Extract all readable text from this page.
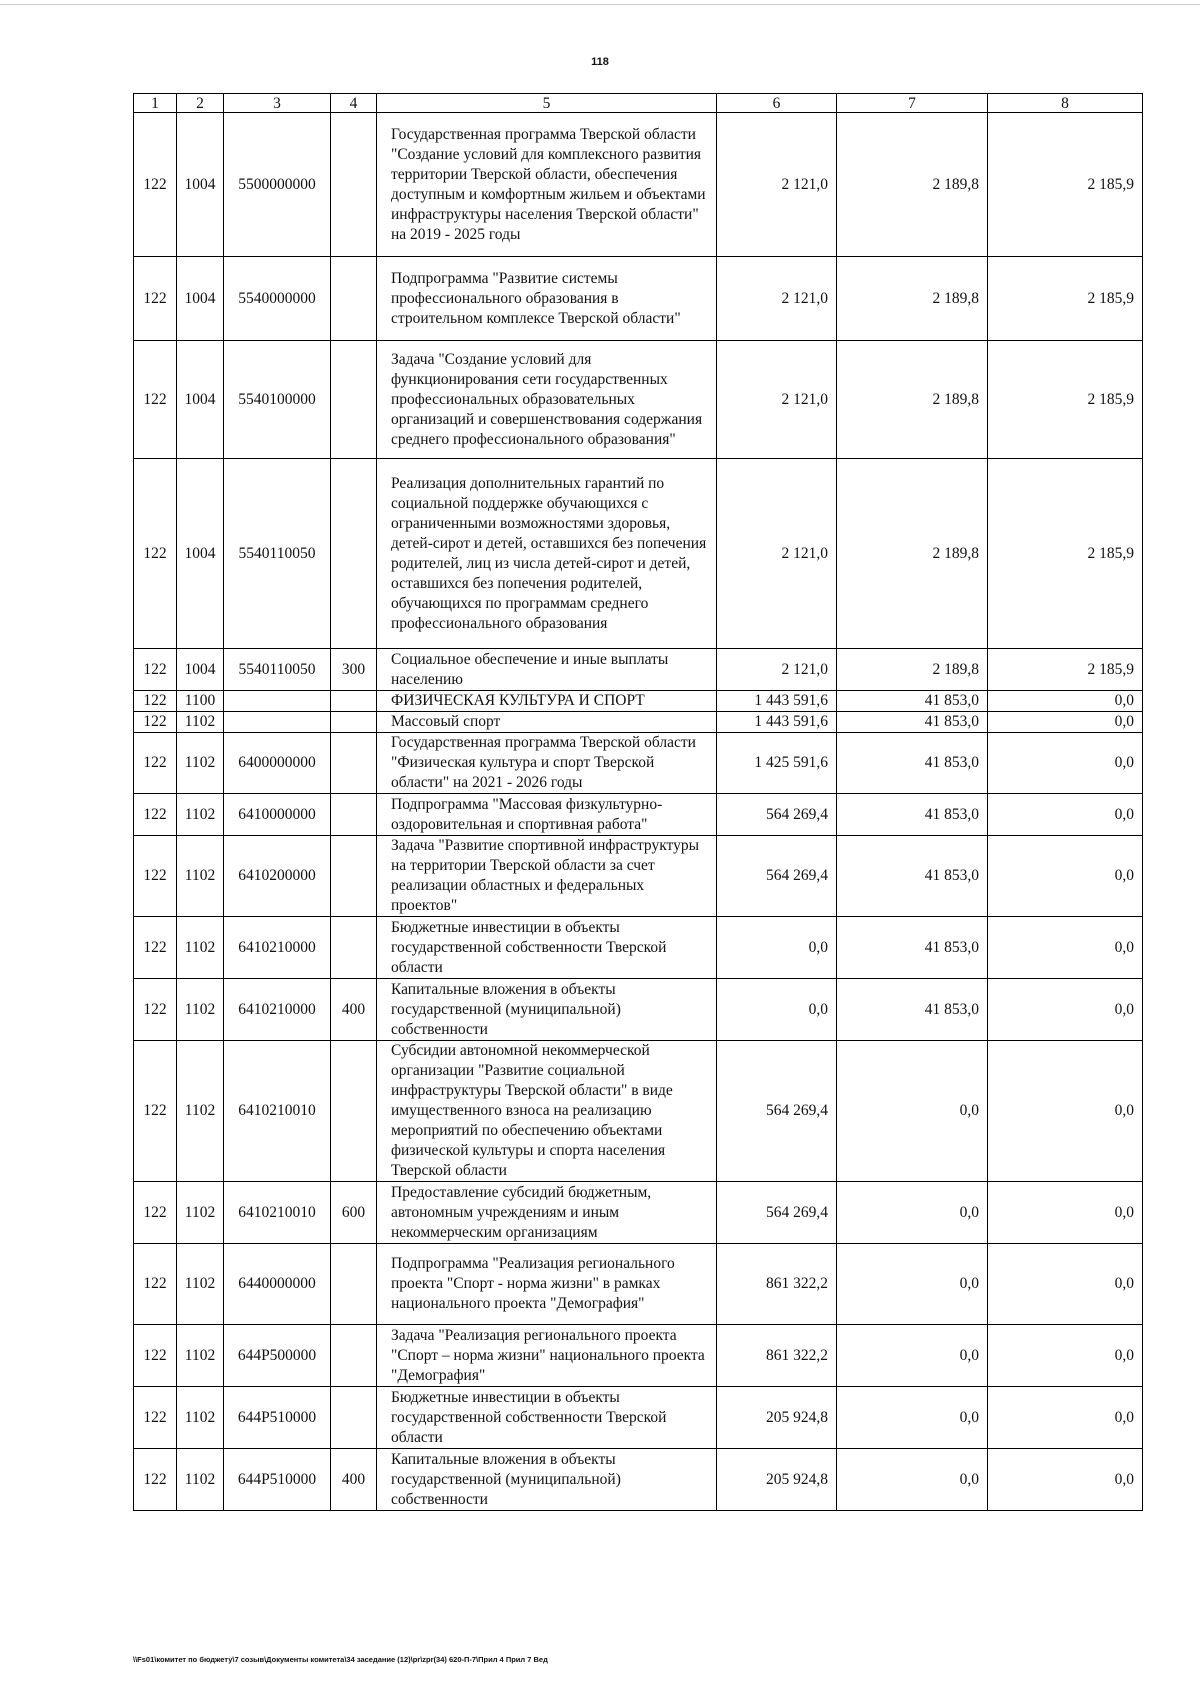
118
1	2	3	4	5	6	7	8
122	1004	5500000000		Государственная программа Тверской области "Создание условий для комплексного развития территории Тверской области, обеспечения доступным и комфортным жильем и объектами инфраструктуры населения Тверской области" на 2019 - 2025 годы	2 121,0	2 189,8	2 185,9
122	1004	5540000000		Подпрограмма "Развитие системы профессионального образования в строительном комплексе Тверской области"	2 121,0	2 189,8	2 185,9
122	1004	5540100000		Задача "Создание условий для функционирования сети государственных профессиональных образовательных организаций и совершенствования содержания среднего профессионального образования"	2 121,0	2 189,8	2 185,9
122	1004	5540110050		Реализация дополнительных гарантий по социальной поддержке обучающихся с ограниченными возможностями здоровья, детей-сирот и детей, оставшихся без попечения родителей, лиц из числа детей-сирот и детей, оставшихся без попечения родителей, обучающихся по программам среднего профессионального образования	2 121,0	2 189,8	2 185,9
122	1004	5540110050	300	Социальное обеспечение и иные выплаты населению	2 121,0	2 189,8	2 185,9
122	1100			ФИЗИЧЕСКАЯ КУЛЬТУРА И СПОРТ	1 443 591,6	41 853,0	0,0
122	1102			Массовый спорт	1 443 591,6	41 853,0	0,0
122	1102	6400000000		Государственная программа Тверской области "Физическая культура и спорт Тверской области" на 2021 - 2026 годы	1 425 591,6	41 853,0	0,0
122	1102	6410000000		Подпрограмма "Массовая физкультурно-оздоровительная и спортивная работа"	564 269,4	41 853,0	0,0
122	1102	6410200000		Задача "Развитие спортивной инфраструктуры на территории Тверской области за счет реализации областных и федеральных проектов"	564 269,4	41 853,0	0,0
122	1102	6410210000		Бюджетные инвестиции в объекты государственной собственности Тверской области	0,0	41 853,0	0,0
122	1102	6410210000	400	Капитальные вложения в объекты государственной (муниципальной) собственности	0,0	41 853,0	0,0
122	1102	6410210010		Субсидии автономной некоммерческой организации "Развитие социальной инфраструктуры Тверской области" в виде имущественного взноса на реализацию мероприятий по обеспечению объектами физической культуры и спорта населения Тверской области	564 269,4	0,0	0,0
122	1102	6410210010	600	Предоставление субсидий бюджетным, автономным учреждениям и иным некоммерческим организациям	564 269,4	0,0	0,0
122	1102	6440000000		Подпрограмма "Реализация регионального проекта "Спорт - норма жизни" в рамках национального проекта "Демография"	861 322,2	0,0	0,0
122	1102	644P500000		Задача "Реализация регионального проекта "Спорт – норма жизни" национального проекта "Демография"	861 322,2	0,0	0,0
122	1102	644P510000		Бюджетные инвестиции в объекты государственной собственности Тверской области	205 924,8	0,0	0,0
122	1102	644P510000	400	Капитальные вложения в объекты государственной (муниципальной) собственности	205 924,8	0,0	0,0
\\Fs01\комитет по бюджету\7 созыв\Документы комитета\34 заседание (12)\pr\zpr(34) 620-П-7\Прил 4 Прил 7 Вед
